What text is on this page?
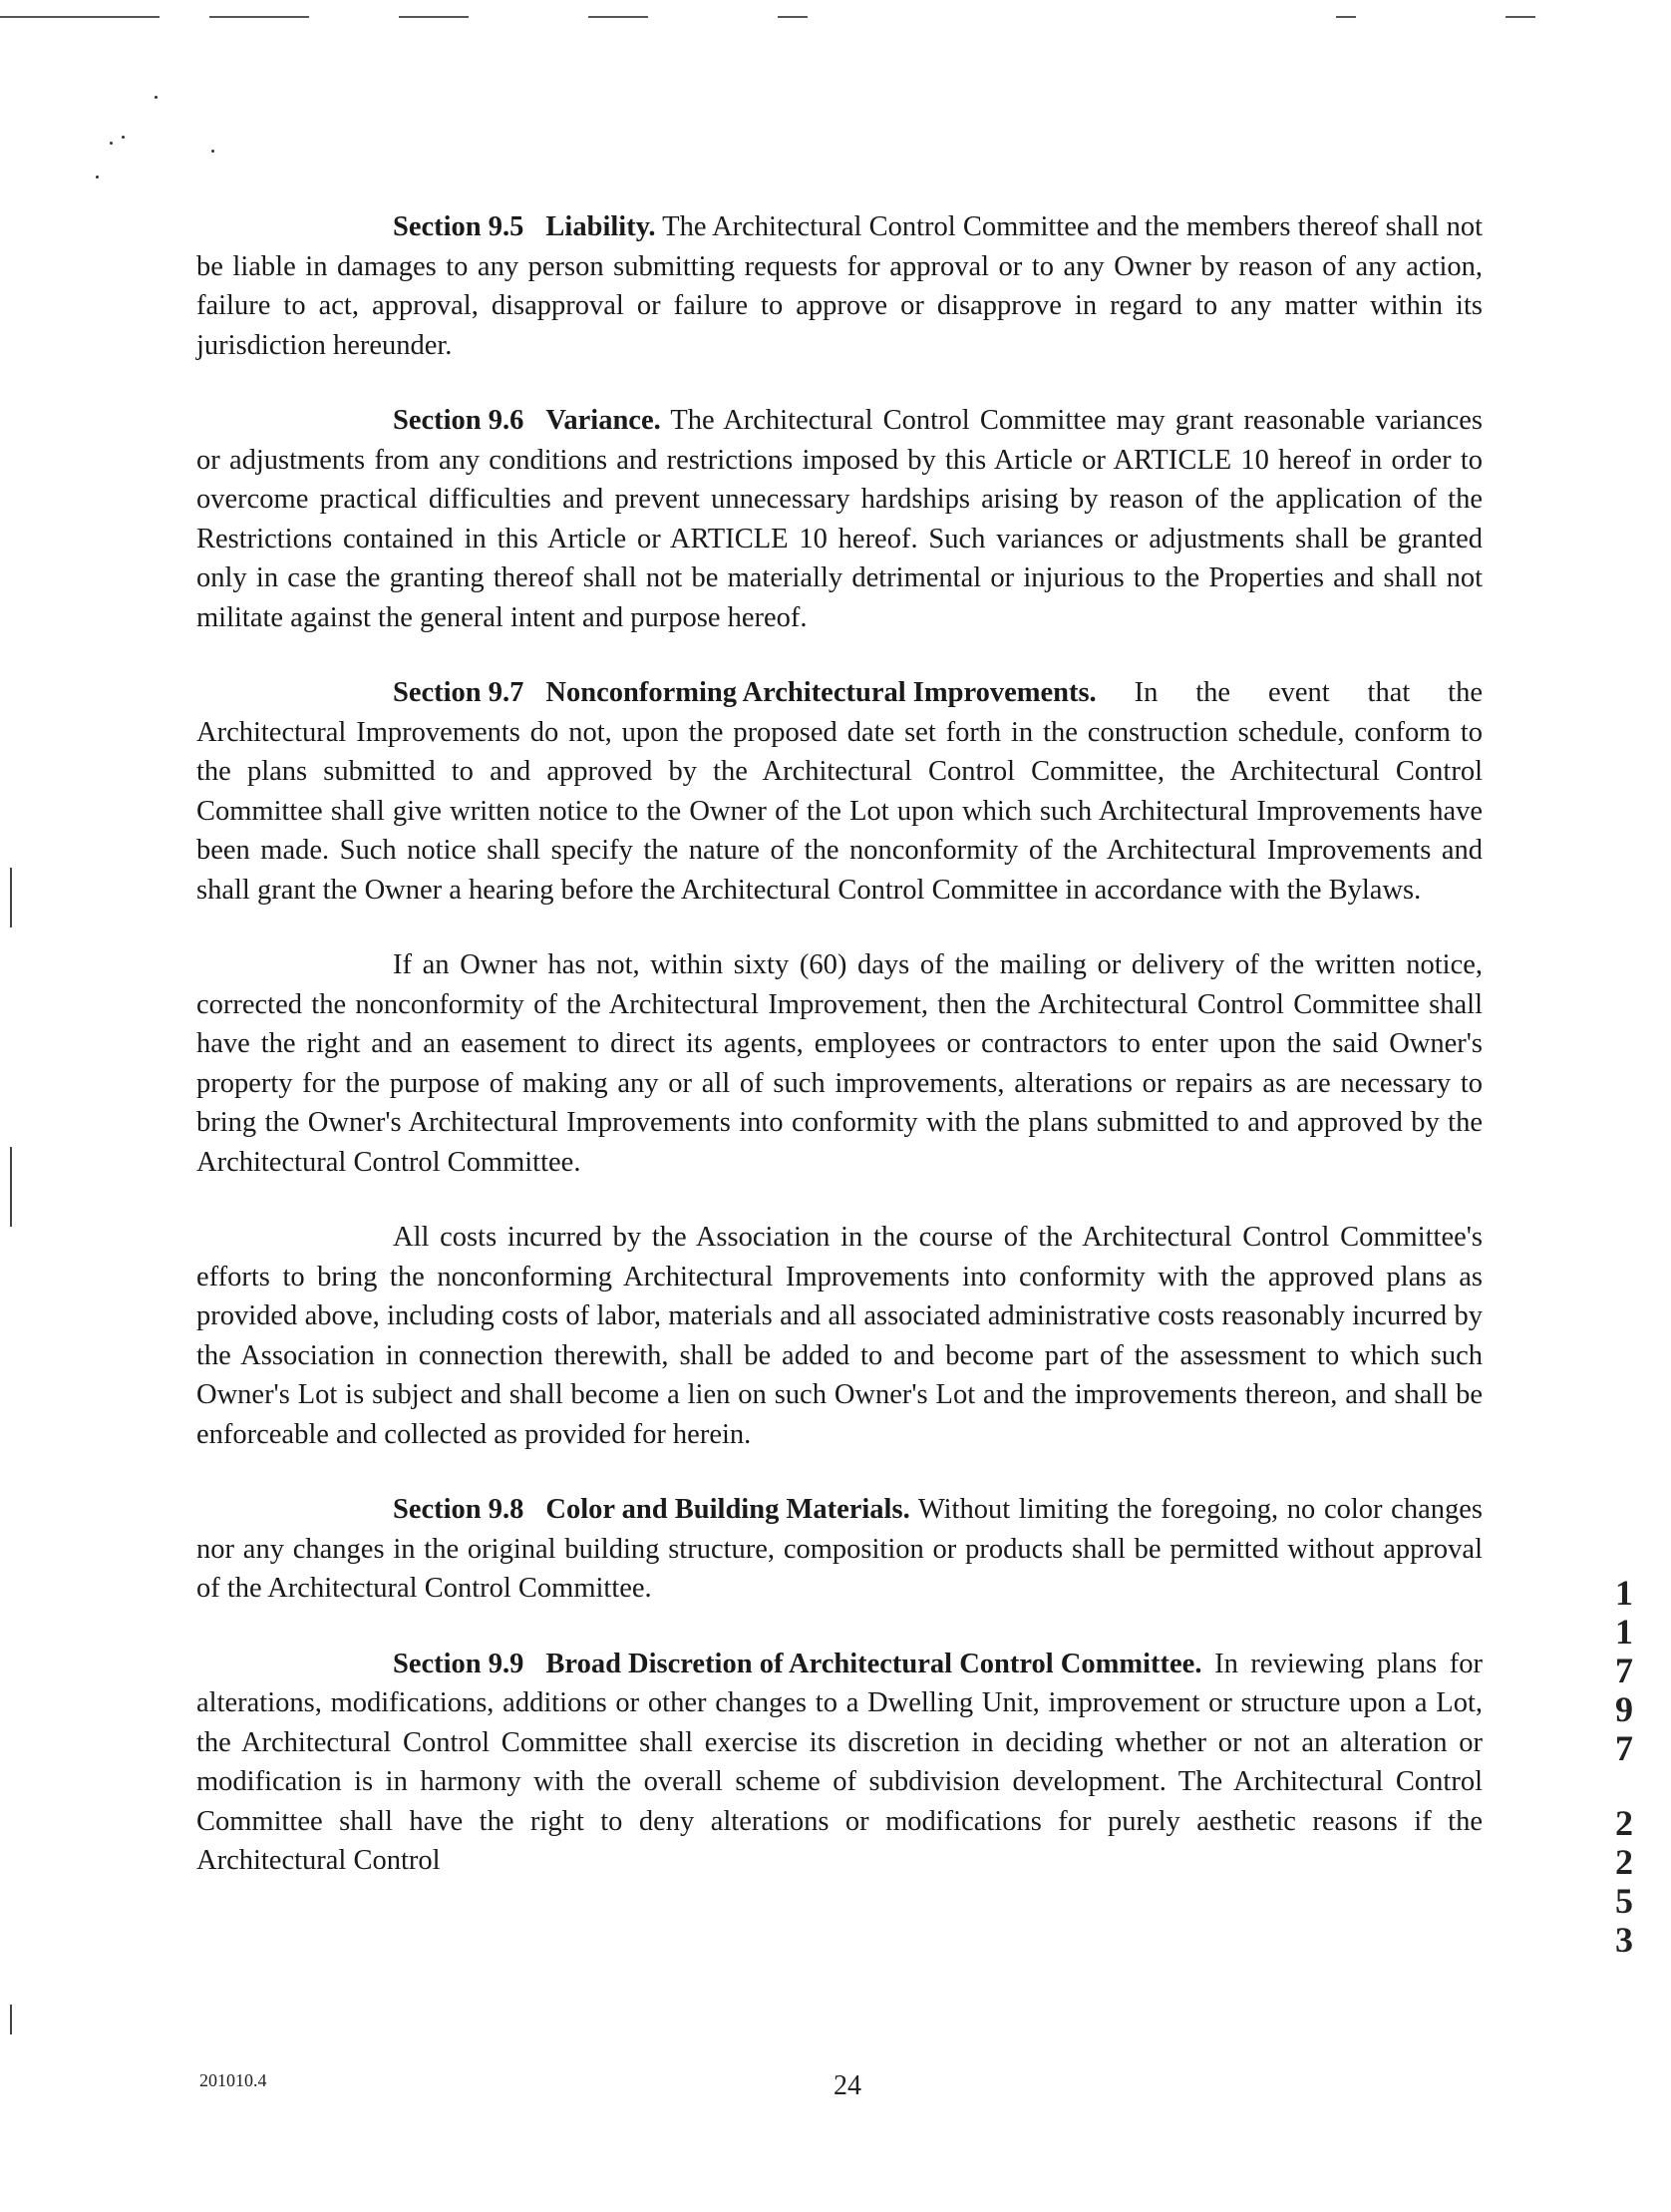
Section 9.5 Liability. The Architectural Control Committee and the members thereof shall not be liable in damages to any person submitting requests for approval or to any Owner by reason of any action, failure to act, approval, disapproval or failure to approve or disapprove in regard to any matter within its jurisdiction hereunder.

Section 9.6 Variance. The Architectural Control Committee may grant reasonable variances or adjustments from any conditions and restrictions imposed by this Article or ARTICLE 10 hereof in order to overcome practical difficulties and prevent unnecessary hardships arising by reason of the application of the Restrictions contained in this Article or ARTICLE 10 hereof. Such variances or adjustments shall be granted only in case the granting thereof shall not be materially detrimental or injurious to the Properties and shall not militate against the general intent and purpose hereof.

Section 9.7 Nonconforming Architectural Improvements. In the event that the Architectural Improvements do not, upon the proposed date set forth in the construction schedule, conform to the plans submitted to and approved by the Architectural Control Committee, the Architectural Control Committee shall give written notice to the Owner of the Lot upon which such Architectural Improvements have been made. Such notice shall specify the nature of the nonconformity of the Architectural Improvements and shall grant the Owner a hearing before the Architectural Control Committee in accordance with the Bylaws.

If an Owner has not, within sixty (60) days of the mailing or delivery of the written notice, corrected the nonconformity of the Architectural Improvement, then the Architectural Control Committee shall have the right and an easement to direct its agents, employees or contractors to enter upon the said Owner's property for the purpose of making any or all of such improvements, alterations or repairs as are necessary to bring the Owner's Architectural Improvements into conformity with the plans submitted to and approved by the Architectural Control Committee.

All costs incurred by the Association in the course of the Architectural Control Committee's efforts to bring the nonconforming Architectural Improvements into conformity with the approved plans as provided above, including costs of labor, materials and all associated administrative costs reasonably incurred by the Association in connection therewith, shall be added to and become part of the assessment to which such Owner's Lot is subject and shall become a lien on such Owner's Lot and the improvements thereon, and shall be enforceable and collected as provided for herein.

Section 9.8 Color and Building Materials. Without limiting the foregoing, no color changes nor any changes in the original building structure, composition or products shall be permitted without approval of the Architectural Control Committee.

Section 9.9 Broad Discretion of Architectural Control Committee. In reviewing plans for alterations, modifications, additions or other changes to a Dwelling Unit, improvement or structure upon a Lot, the Architectural Control Committee shall exercise its discretion in deciding whether or not an alteration or modification is in harmony with the overall scheme of subdivision development. The Architectural Control Committee shall have the right to deny alterations or modifications for purely aesthetic reasons if the Architectural Control

1
1
7
9
7
2
2
5
3
201010.4	24
